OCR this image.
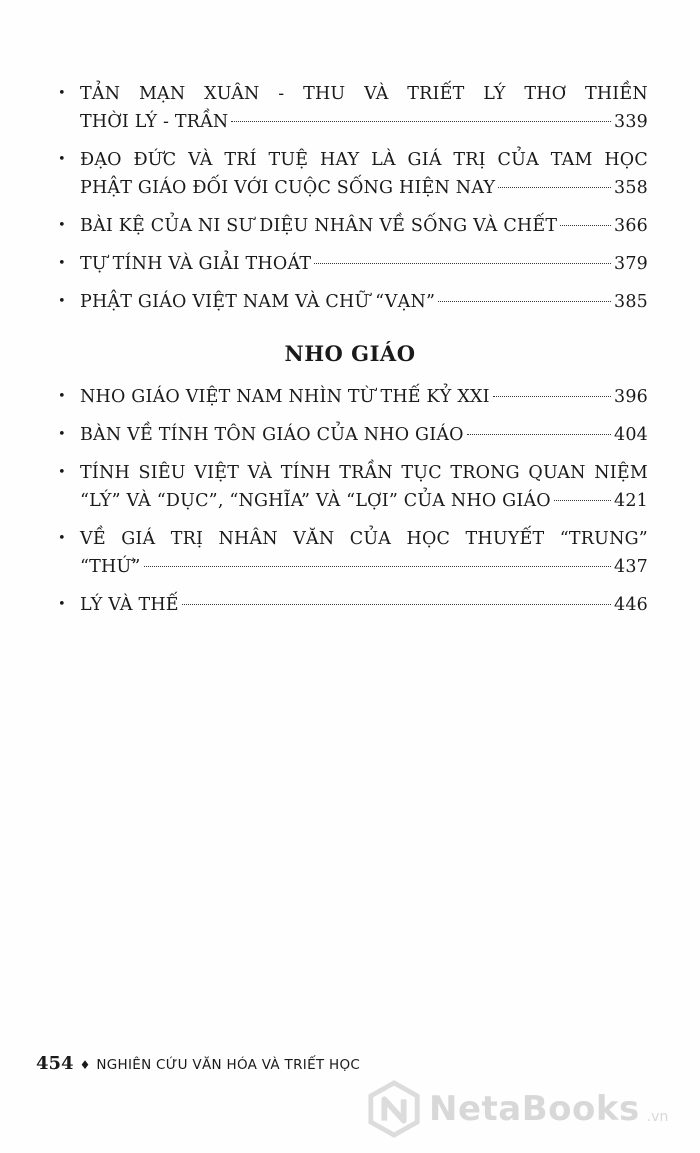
• TẢN MẠN XUÂN - THU VÀ TRIẾT LÝ THƠ THIỀN
THỜI LÝ - TRẦN	339
• ĐẠO ĐỨC VÀ TRÍ TUỆ HAY LÀ GIÁ TRỊ CỦA TAM HỌC
PHẬT GIÁO ĐỐI VỚI CUỘC SỐNG HIỆN NAY	358
• BÀI KỆ CỦA NI SƯ DIỆU NHÂN VỀ SỐNG VÀ CHẾT	366
• TỰ TÍNH VÀ GIẢI THOÁT	379
• PHẬT GIÁO VIỆT NAM VÀ CHỮ “VẠN”	385
NHO GIÁO
• NHO GIÁO VIỆT NAM NHÌN TỪ THẾ KỶ XXI	396
• BÀN VỀ TÍNH TÔN GIÁO CỦA NHO GIÁO	404
• TÍNH SIÊU VIỆT VÀ TÍNH TRẦN TỤC TRONG QUAN NIỆM
“LÝ” VÀ “DỤC”, “NGHĨA” VÀ “LỢI” CỦA NHO GIÁO	421
• VỀ GIÁ TRỊ NHÂN VĂN CỦA HỌC THUYẾT “TRUNG”
“THỨ”	437
• LÝ VÀ THẾ	446
454 ♦ NGHIÊN CỨU VĂN HÓA VÀ TRIẾT HỌC
NetaBooks .vn
